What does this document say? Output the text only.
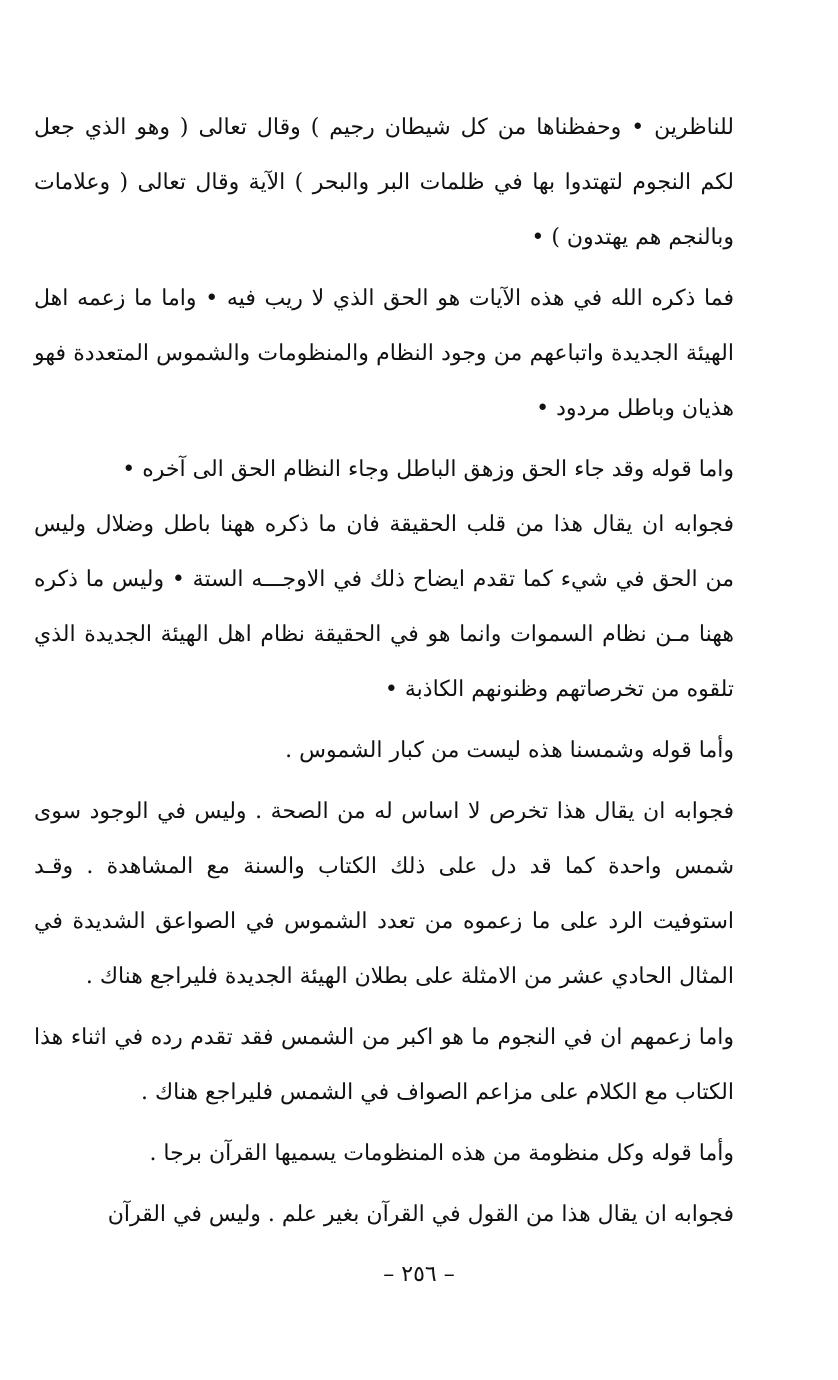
للناظرين • وحفظناها من كل شيطان رجيم ) وقال تعالى ( وهو الذي جعل لكم النجوم لتهتدوا بها في ظلمات البر والبحر ) الآية وقال تعالى ( وعلامات وبالنجم هم يهتدون ) •

فما ذكره الله في هذه الآيات هو الحق الذي لا ريب فيه • واما ما زعمه اهل الهيئة الجديدة واتباعهم من وجود النظام والمنظومات والشموس المتعددة فهو هذيان وباطل مردود •

واما قوله وقد جاء الحق وزهق الباطل وجاء النظام الحق الى آخره •

فجوابه ان يقال هذا من قلب الحقيقة فان ما ذكره ههنا باطل وضلال وليس من الحق في شيء كما تقدم ايضاح ذلك في الاوجـــه الستة • وليس ما ذكره ههنا مـن نظام السموات وانما هو في الحقيقة نظام اهل الهيئة الجديدة الذي تلقوه من تخرصاتهم وظنونهم الكاذبة •

وأما قوله وشمسنا هذه ليست من كبار الشموس .

فجوابه ان يقال هذا تخرص لا اساس له من الصحة . وليس في الوجود سوى شمس واحدة كما قد دل على ذلك الكتاب والسنة مع المشاهدة . وقـد استوفيت الرد على ما زعموه من تعدد الشموس في الصواعق الشديدة في المثال الحادي عشر من الامثلة على بطلان الهيئة الجديدة فليراجع هناك .

واما زعمهم ان في النجوم ما هو اكبر من الشمس فقد تقدم رده في اثناء هذا الكتاب مع الكلام على مزاعم الصواف في الشمس فليراجع هناك .

وأما قوله وكل منظومة من هذه المنظومات يسميها القرآن برجا .

فجوابه ان يقال هذا من القول في القرآن بغير علم . وليس في القرآن

– ٢٥٦ –
